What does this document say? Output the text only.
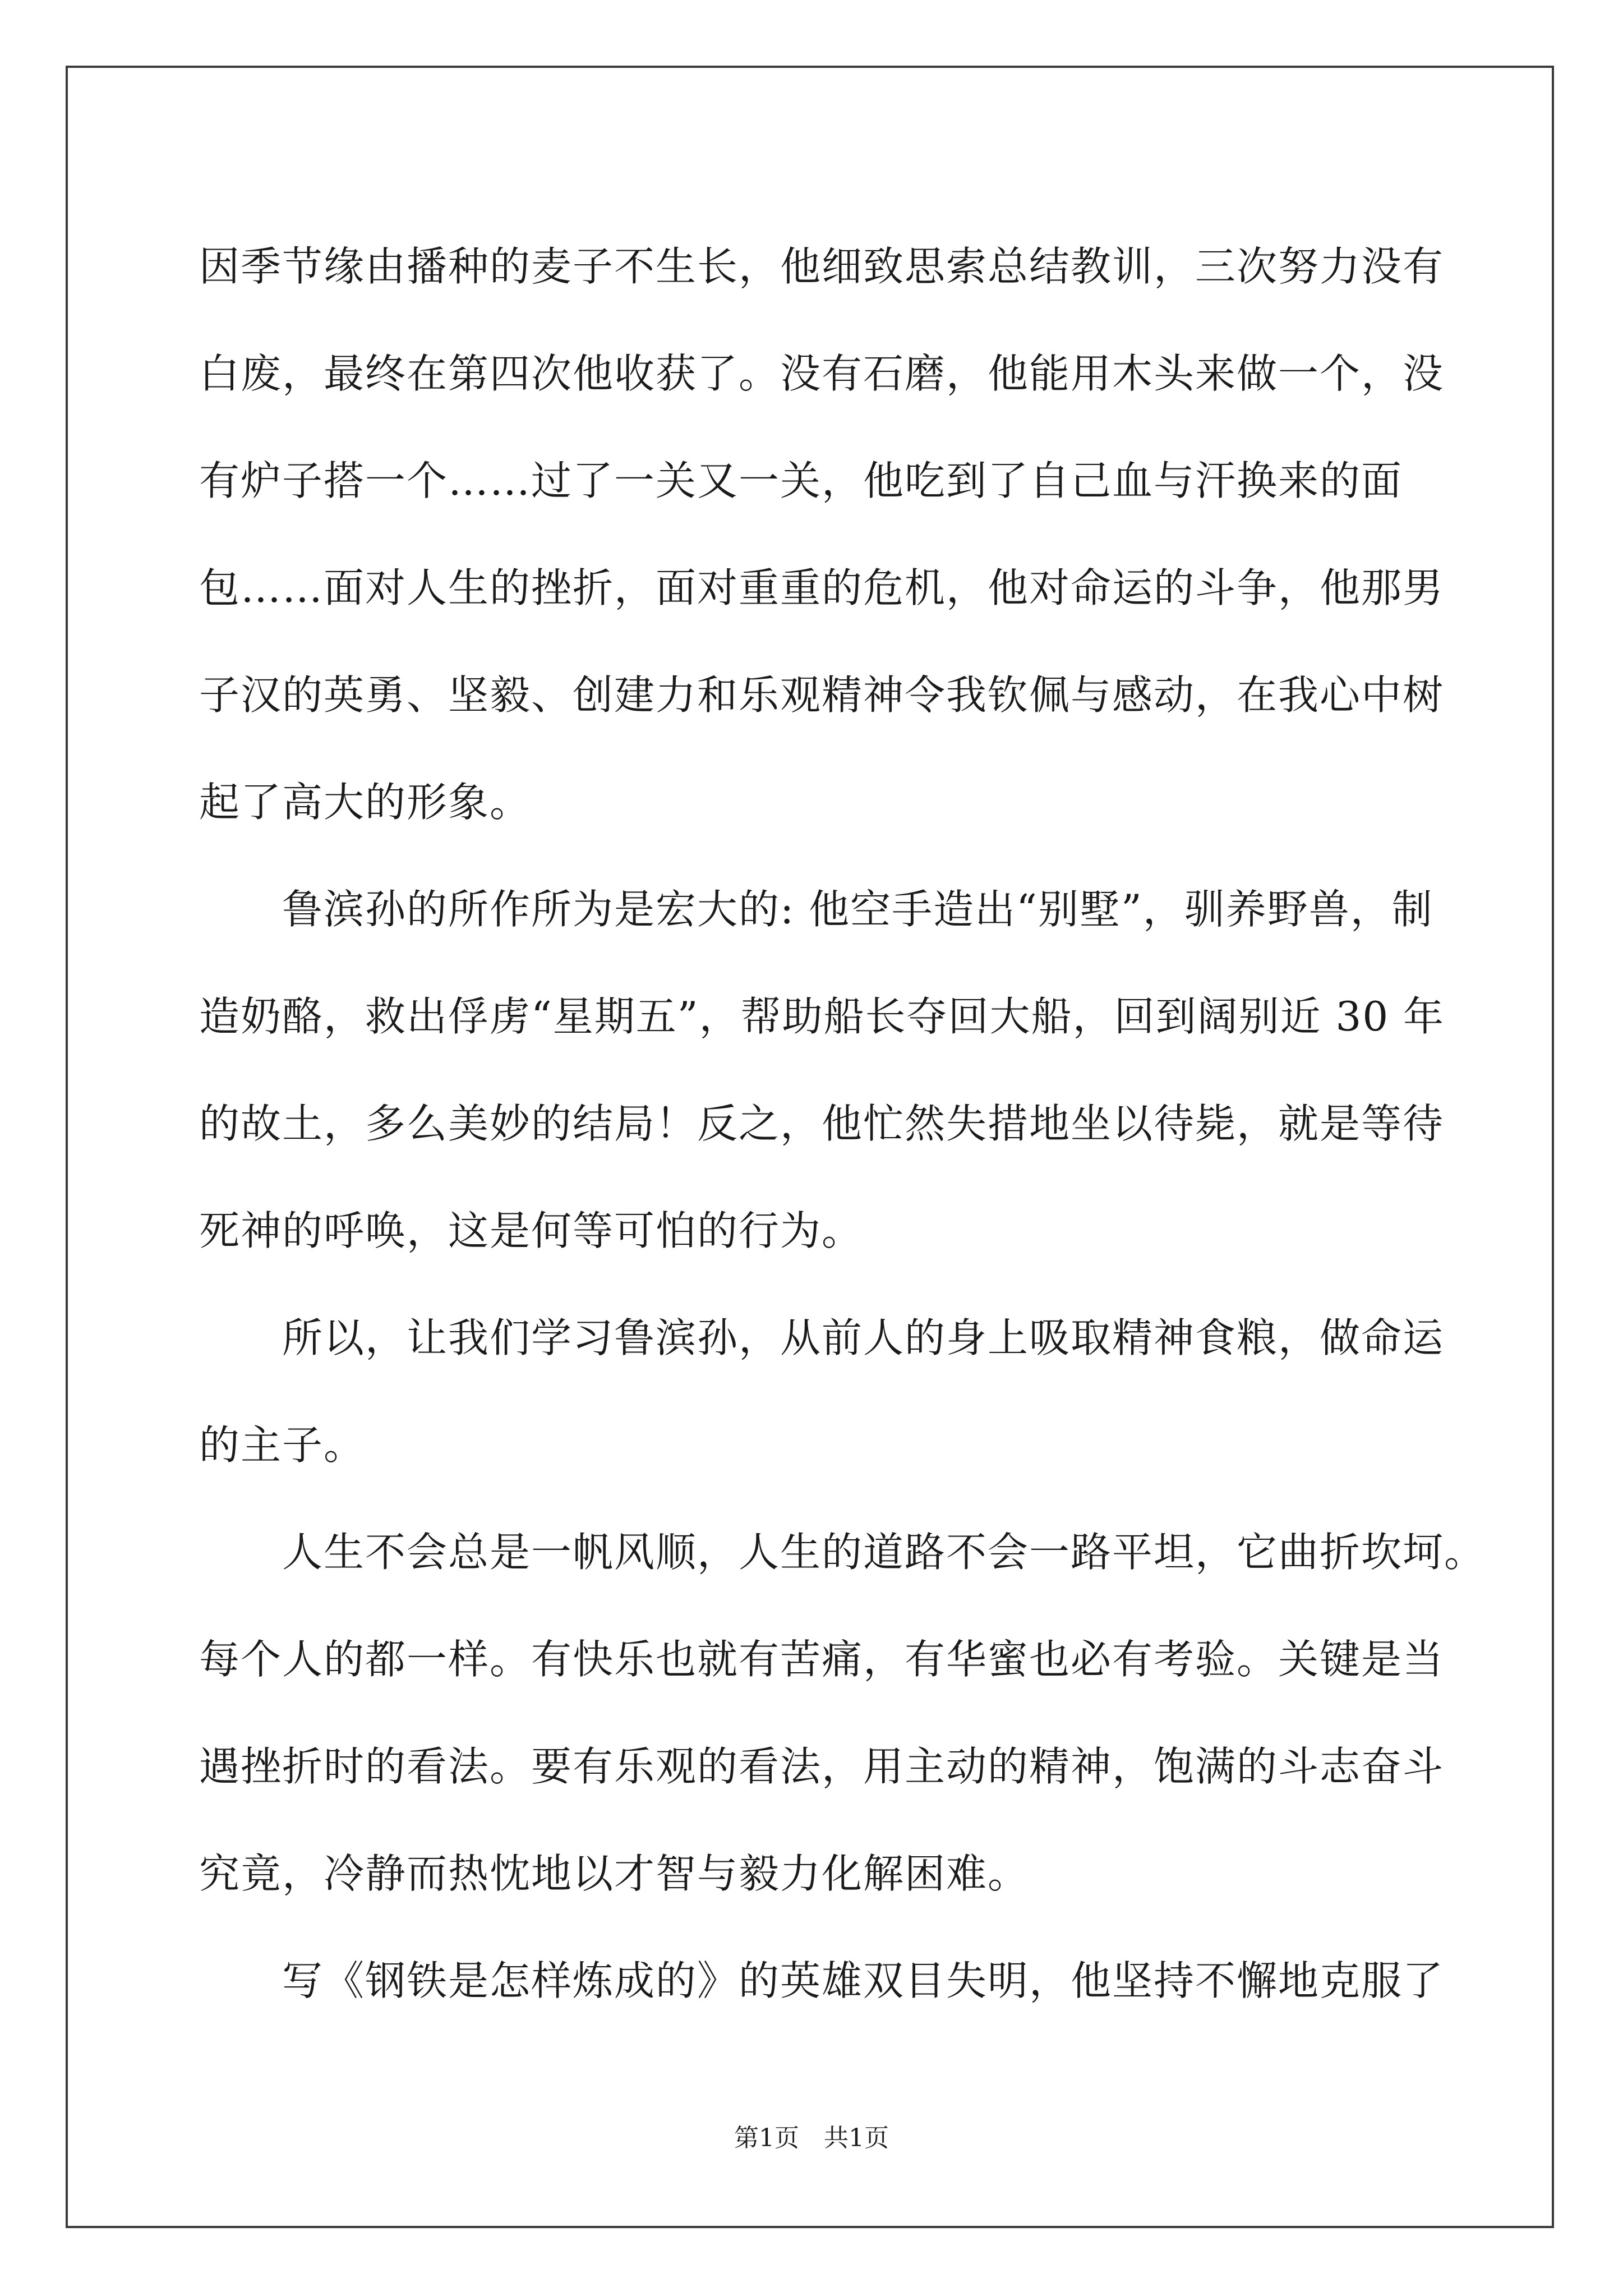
因季节缘由播种的麦子不生长，他细致思索总结教训，三次努力没有
白废，最终在第四次他收获了。没有石磨，他能用木头来做一个，没
有炉子搭一个……过了一关又一关，他吃到了自己血与汗换来的面
包……面对人生的挫折，面对重重的危机，他对命运的斗争，他那男
子汉的英勇、坚毅、创建力和乐观精神令我钦佩与感动，在我心中树
起了高大的形象。

鲁滨孙的所作所为是宏大的: 他空手造出“别墅”，驯养野兽，制
造奶酪，救出俘虏“星期五”，帮助船长夺回大船，回到阔别近 30 年
的故土，多么美妙的结局！反之，他忙然失措地坐以待毙，就是等待
死神的呼唤，这是何等可怕的行为。

所以，让我们学习鲁滨孙，从前人的身上吸取精神食粮，做命运
的主子。

人生不会总是一帆风顺，人生的道路不会一路平坦，它曲折坎坷。
每个人的都一样。有快乐也就有苦痛，有华蜜也必有考验。关键是当
遇挫折时的看法。要有乐观的看法，用主动的精神，饱满的斗志奋斗
究竟，冷静而热忱地以才智与毅力化解困难。

写《钢铁是怎样炼成的》的英雄双目失明，他坚持不懈地克服了

第1页　共1页
